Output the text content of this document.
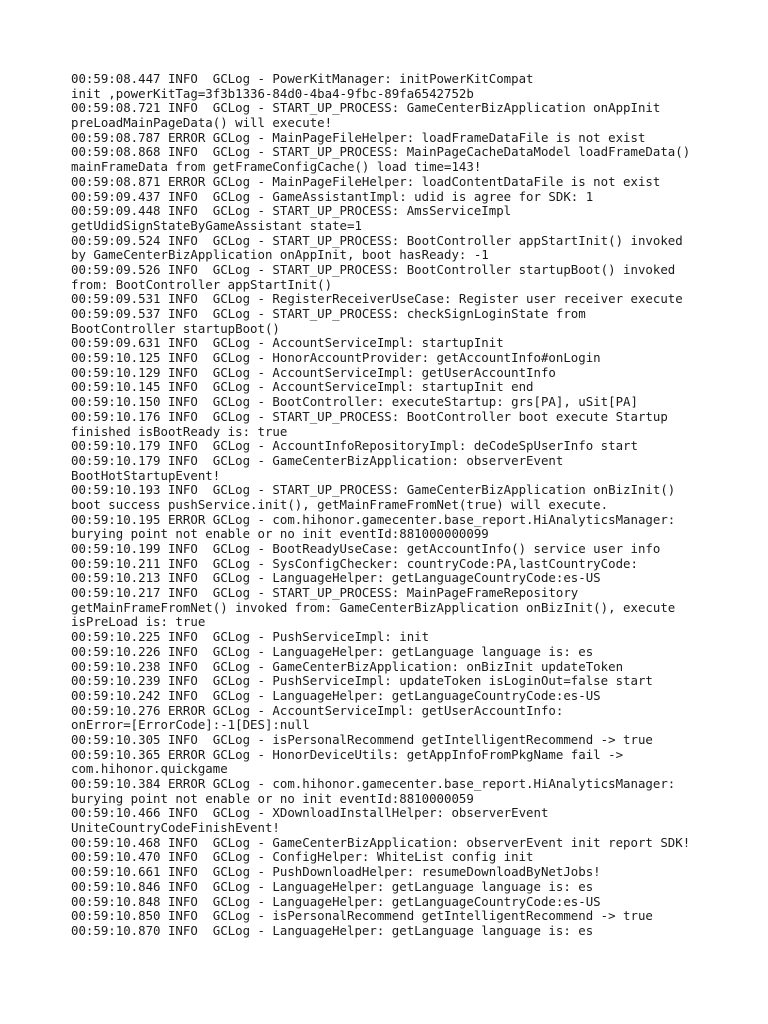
00:59:08.447 INFO  GCLog - PowerKitManager: initPowerKitCompat
init ,powerKitTag=3f3b1336-84d0-4ba4-9fbc-89fa6542752b
00:59:08.721 INFO  GCLog - START_UP_PROCESS: GameCenterBizApplication onAppInit
preLoadMainPageData() will execute!
00:59:08.787 ERROR GCLog - MainPageFileHelper: loadFrameDataFile is not exist
00:59:08.868 INFO  GCLog - START_UP_PROCESS: MainPageCacheDataModel loadFrameData()
mainFrameData from getFrameConfigCache() load time=143!
00:59:08.871 ERROR GCLog - MainPageFileHelper: loadContentDataFile is not exist
00:59:09.437 INFO  GCLog - GameAssistantImpl: udid is agree for SDK: 1
00:59:09.448 INFO  GCLog - START_UP_PROCESS: AmsServiceImpl
getUdidSignStateByGameAssistant state=1
00:59:09.524 INFO  GCLog - START_UP_PROCESS: BootController appStartInit() invoked
by GameCenterBizApplication onAppInit, boot hasReady: -1
00:59:09.526 INFO  GCLog - START_UP_PROCESS: BootController startupBoot() invoked
from: BootController appStartInit()
00:59:09.531 INFO  GCLog - RegisterReceiverUseCase: Register user receiver execute
00:59:09.537 INFO  GCLog - START_UP_PROCESS: checkSignLoginState from
BootController startupBoot()
00:59:09.631 INFO  GCLog - AccountServiceImpl: startupInit
00:59:10.125 INFO  GCLog - HonorAccountProvider: getAccountInfo#onLogin
00:59:10.129 INFO  GCLog - AccountServiceImpl: getUserAccountInfo
00:59:10.145 INFO  GCLog - AccountServiceImpl: startupInit end
00:59:10.150 INFO  GCLog - BootController: executeStartup: grs[PA], uSit[PA]
00:59:10.176 INFO  GCLog - START_UP_PROCESS: BootController boot execute Startup
finished isBootReady is: true
00:59:10.179 INFO  GCLog - AccountInfoRepositoryImpl: deCodeSpUserInfo start
00:59:10.179 INFO  GCLog - GameCenterBizApplication: observerEvent
BootHotStartupEvent!
00:59:10.193 INFO  GCLog - START_UP_PROCESS: GameCenterBizApplication onBizInit()
boot success pushService.init(), getMainFrameFromNet(true) will execute.
00:59:10.195 ERROR GCLog - com.hihonor.gamecenter.base_report.HiAnalyticsManager:
burying point not enable or no init eventId:881000000099
00:59:10.199 INFO  GCLog - BootReadyUseCase: getAccountInfo() service user info
00:59:10.211 INFO  GCLog - SysConfigChecker: countryCode:PA,lastCountryCode:
00:59:10.213 INFO  GCLog - LanguageHelper: getLanguageCountryCode:es-US
00:59:10.217 INFO  GCLog - START_UP_PROCESS: MainPageFrameRepository
getMainFrameFromNet() invoked from: GameCenterBizApplication onBizInit(), execute
isPreLoad is: true
00:59:10.225 INFO  GCLog - PushServiceImpl: init
00:59:10.226 INFO  GCLog - LanguageHelper: getLanguage language is: es
00:59:10.238 INFO  GCLog - GameCenterBizApplication: onBizInit updateToken
00:59:10.239 INFO  GCLog - PushServiceImpl: updateToken isLoginOut=false start
00:59:10.242 INFO  GCLog - LanguageHelper: getLanguageCountryCode:es-US
00:59:10.276 ERROR GCLog - AccountServiceImpl: getUserAccountInfo:
onError=[ErrorCode]:-1[DES]:null
00:59:10.305 INFO  GCLog - isPersonalRecommend getIntelligentRecommend -> true
00:59:10.365 ERROR GCLog - HonorDeviceUtils: getAppInfoFromPkgName fail ->
com.hihonor.quickgame
00:59:10.384 ERROR GCLog - com.hihonor.gamecenter.base_report.HiAnalyticsManager:
burying point not enable or no init eventId:8810000059
00:59:10.466 INFO  GCLog - XDownloadInstallHelper: observerEvent
UniteCountryCodeFinishEvent!
00:59:10.468 INFO  GCLog - GameCenterBizApplication: observerEvent init report SDK!
00:59:10.470 INFO  GCLog - ConfigHelper: WhiteList config init
00:59:10.661 INFO  GCLog - PushDownloadHelper: resumeDownloadByNetJobs!
00:59:10.846 INFO  GCLog - LanguageHelper: getLanguage language is: es
00:59:10.848 INFO  GCLog - LanguageHelper: getLanguageCountryCode:es-US
00:59:10.850 INFO  GCLog - isPersonalRecommend getIntelligentRecommend -> true
00:59:10.870 INFO  GCLog - LanguageHelper: getLanguage language is: es
